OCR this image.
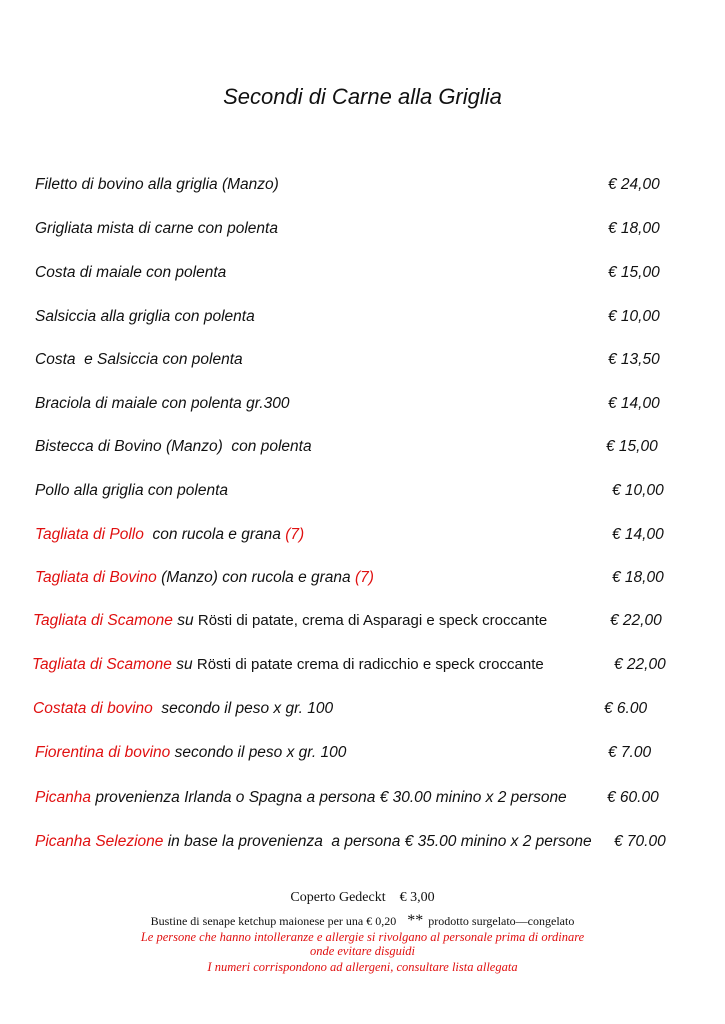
Secondi di Carne alla Griglia
Filetto di bovino alla griglia (Manzo)	€ 24,00
Grigliata mista di carne con polenta	€ 18,00
Costa di maiale con polenta	€ 15,00
Salsiccia alla griglia con polenta	€ 10,00
Costa  e Salsiccia con polenta	€ 13,50
Braciola di maiale con polenta gr.300	€ 14,00
Bistecca di Bovino (Manzo)  con polenta	€ 15,00
Pollo alla griglia con polenta	€ 10,00
Tagliata di Pollo  con rucola e grana (7)	€ 14,00
Tagliata di Bovino (Manzo) con rucola e grana (7)	€ 18,00
Tagliata di Scamone su Rösti di patate, crema di Asparagi e speck croccante	€ 22,00
Tagliata di Scamone su Rösti di patate crema di radicchio e speck croccante	€ 22,00
Costata di bovino  secondo il peso x gr. 100	€ 6.00
Fiorentina di bovino secondo il peso x gr. 100	€ 7.00
Picanha provenienza Irlanda o Spagna a persona € 30.00 minino x 2 persone	€ 60.00
Picanha Selezione in base la provenienza  a persona € 35.00 minino x 2 persone € 70.00
Coperto Gedeckt € 3,00
Bustine di senape ketchup maionese per una € 0,20 ** prodotto surgelato—congelato
Le persone che hanno intolleranze e allergie si rivolgano al personale prima di ordinare
onde evitare disguidi
I numeri corrispondono ad allergeni, consultare lista allegata
